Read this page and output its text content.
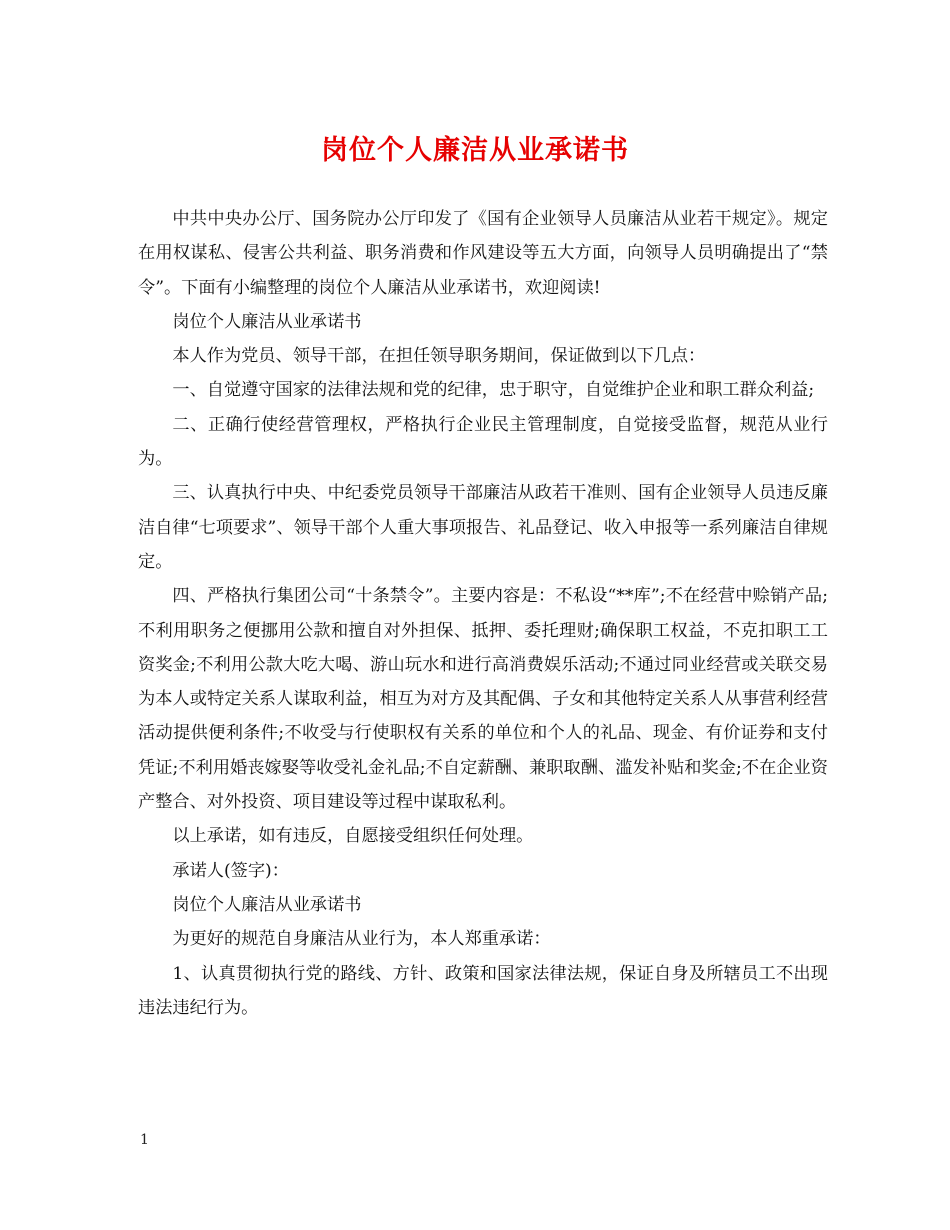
岗位个人廉洁从业承诺书

中共中央办公厅、国务院办公厅印发了《国有企业领导人员廉洁从业若干规定》。规定在用权谋私、侵害公共利益、职务消费和作风建设等五大方面，向领导人员明确提出了“禁令”。下面有小编整理的岗位个人廉洁从业承诺书，欢迎阅读!

岗位个人廉洁从业承诺书

本人作为党员、领导干部，在担任领导职务期间，保证做到以下几点：

一、自觉遵守国家的法律法规和党的纪律，忠于职守，自觉维护企业和职工群众利益;

二、正确行使经营管理权，严格执行企业民主管理制度，自觉接受监督，规范从业行为。

三、认真执行中央、中纪委党员领导干部廉洁从政若干准则、国有企业领导人员违反廉洁自律“七项要求”、领导干部个人重大事项报告、礼品登记、收入申报等一系列廉洁自律规定。

四、严格执行集团公司“十条禁令”。主要内容是：不私设“**库”;不在经营中赊销产品;不利用职务之便挪用公款和擅自对外担保、抵押、委托理财;确保职工权益，不克扣职工工资奖金;不利用公款大吃大喝、游山玩水和进行高消费娱乐活动;不通过同业经营或关联交易为本人或特定关系人谋取利益，相互为对方及其配偶、子女和其他特定关系人从事营利经营活动提供便利条件;不收受与行使职权有关系的单位和个人的礼品、现金、有价证券和支付凭证;不利用婚丧嫁娶等收受礼金礼品;不自定薪酬、兼职取酬、滥发补贴和奖金;不在企业资产整合、对外投资、项目建设等过程中谋取私利。

以上承诺，如有违反，自愿接受组织任何处理。

承诺人(签字)：

岗位个人廉洁从业承诺书

为更好的规范自身廉洁从业行为，本人郑重承诺：

1、认真贯彻执行党的路线、方针、政策和国家法律法规，保证自身及所辖员工不出现违法违纪行为。

1
